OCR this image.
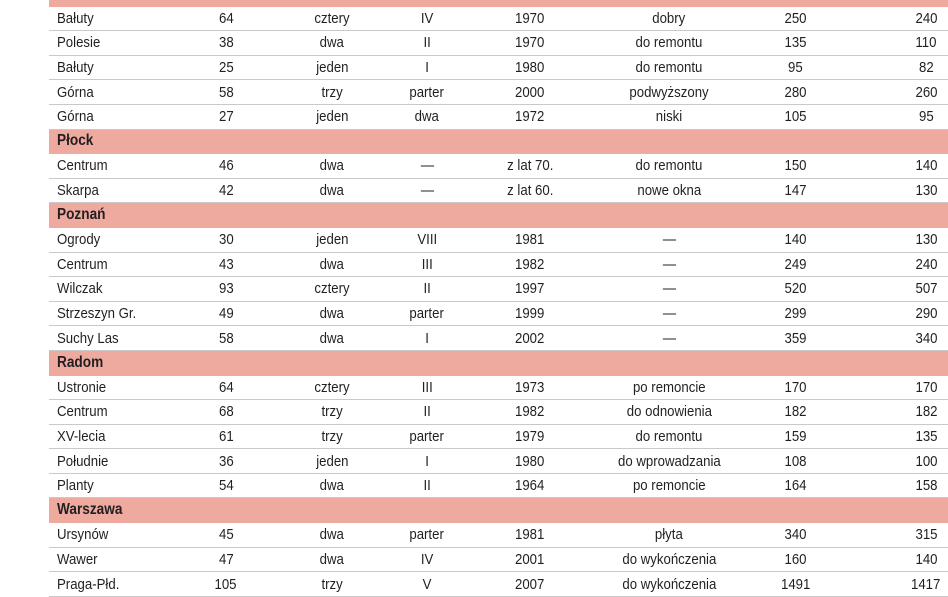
Bałuty	64	cztery	IV	1970	dobry	250	240
Polesie	38	dwa	II	1970	do remontu	135	110
Bałuty	25	jeden	I	1980	do remontu	95	82
Górna	58	trzy	parter	2000	podwyższony	280	260
Górna	27	jeden	dwa	1972	niski	105	95
Płock							
Centrum	46	dwa	—	z lat 70.	do remontu	150	140
Skarpa	42	dwa	—	z lat 60.	nowe okna	147	130
Poznań							
Ogrody	30	jeden	VIII	1981	—	140	130
Centrum	43	dwa	III	1982	—	249	240
Wilczak	93	cztery	II	1997	—	520	507
Strzeszyn Gr.	49	dwa	parter	1999	—	299	290
Suchy Las	58	dwa	I	2002	—	359	340
Radom							
Ustronie	64	cztery	III	1973	po remoncie	170	170
Centrum	68	trzy	II	1982	do odnowienia	182	182
XV-lecia	61	trzy	parter	1979	do remontu	159	135
Południe	36	jeden	I	1980	do wprowadzania	108	100
Planty	54	dwa	II	1964	po remoncie	164	158
Warszawa							
Ursynów	45	dwa	parter	1981	płyta	340	315
Wawer	47	dwa	IV	2001	do wykończenia	160	140
Praga-Płd.	105	trzy	V	2007	do wykończenia	1491	1417
